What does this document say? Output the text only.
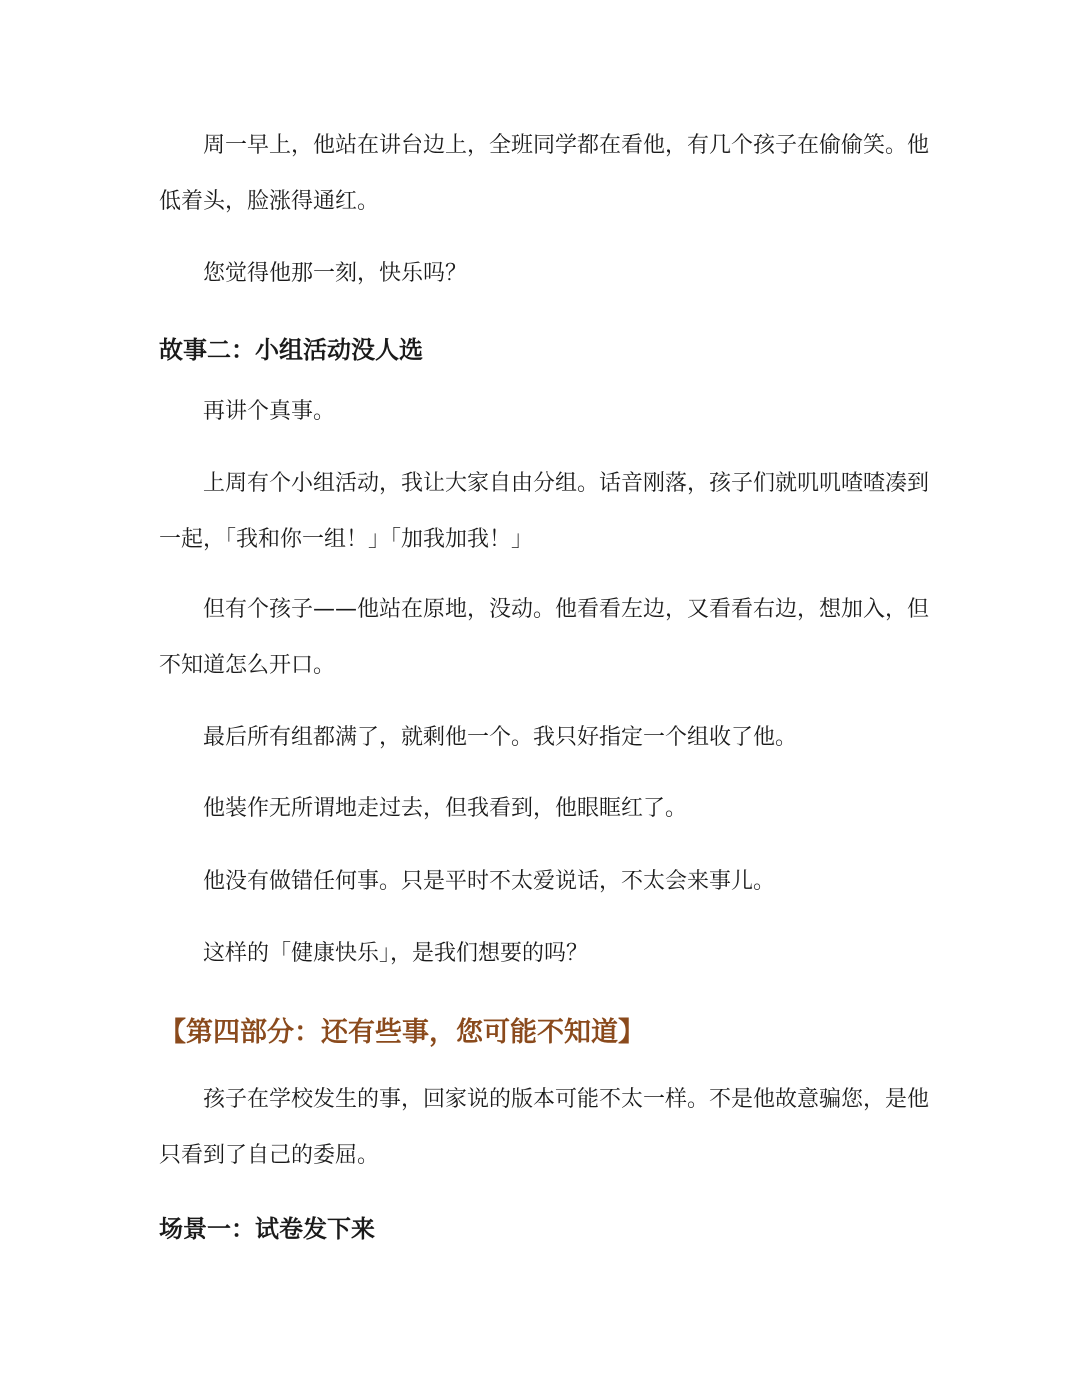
周一早上，他站在讲台边上，全班同学都在看他，有几个孩子在偷偷笑。他低着头，脸涨得通红。

您觉得他那一刻，快乐吗？

故事二：小组活动没人选

再讲个真事。

上周有个小组活动，我让大家自由分组。话音刚落，孩子们就叽叽喳喳凑到一起，「我和你一组！」「加我加我！」

但有个孩子——他站在原地，没动。他看看左边，又看看右边，想加入，但不知道怎么开口。

最后所有组都满了，就剩他一个。我只好指定一个组收了他。

他装作无所谓地走过去，但我看到，他眼眶红了。

他没有做错任何事。只是平时不太爱说话，不太会来事儿。

这样的「健康快乐」，是我们想要的吗？

【第四部分：还有些事，您可能不知道】

孩子在学校发生的事，回家说的版本可能不太一样。不是他故意骗您，是他只看到了自己的委屈。

场景一：试卷发下来
